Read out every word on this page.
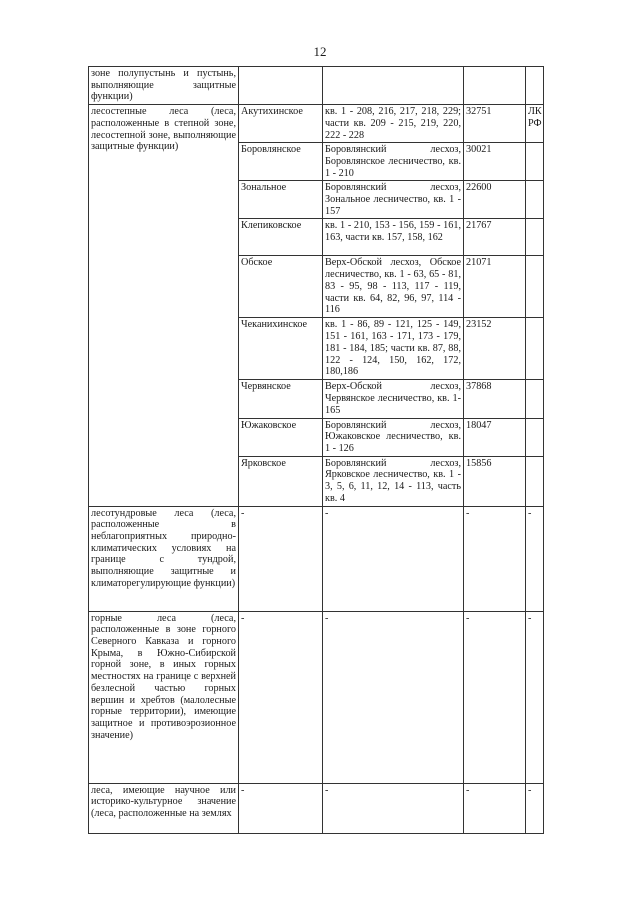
12
зоне полупустынь и пустынь, выполняющие защитные функции)				
лесостепные леса (леса, расположенные в степной зоне, лесостепной зоне, выполняющие защитные функции)	Акутихинское	кв. 1 - 208, 216, 217, 218, 229; части кв. 209 - 215, 219, 220, 222 - 228	32751	ЛК РФ
	Боровлянское	Боровлянский лесхоз, Боровлянское лесничество, кв. 1 - 210	30021	
	Зональное	Боровлянский лесхоз, Зональное лесничество, кв. 1 - 157	22600	
	Клепиковское	кв. 1 - 210, 153 - 156, 159 - 161, 163, части кв. 157, 158, 162	21767	
	Обское	Верх-Обской лесхоз, Обское лесничество, кв. 1 - 63, 65 - 81, 83 - 95, 98 - 113, 117 - 119, части кв. 64, 82, 96, 97, 114 - 116	21071	
	Чеканихинское	кв. 1 - 86, 89 - 121, 125 - 149, 151 - 161, 163 - 171, 173 - 179, 181 - 184, 185; части кв. 87, 88, 122 - 124, 150, 162, 172, 180,186	23152	
	Червянское	Верх-Обской лесхоз, Червянское лесничество, кв. 1-165	37868	
	Южаковское	Боровлянский лесхоз, Южаковское лесничество, кв. 1 - 126	18047	
	Ярковское	Боровлянский лесхоз, Ярковское лесничество, кв. 1 - 3, 5, 6, 11, 12, 14 - 113, часть кв. 4	15856	
лесотундровые леса (леса, расположенные в неблагоприятных природно-климатических условиях на границе с тундрой, выполняющие защитные и климаторегулирующие функции)	-	-	-	-
горные леса (леса, расположенные в зоне горного Северного Кавказа и горного Крыма, в Южно-Сибирской горной зоне, в иных горных местностях на границе с верхней безлесной частью горных вершин и хребтов (малолесные горные территории), имеющие защитное и противоэрозионное значение)	-	-	-	-
леса, имеющие научное или историко-культурное значение (леса, расположенные на землях	-	-	-	-
